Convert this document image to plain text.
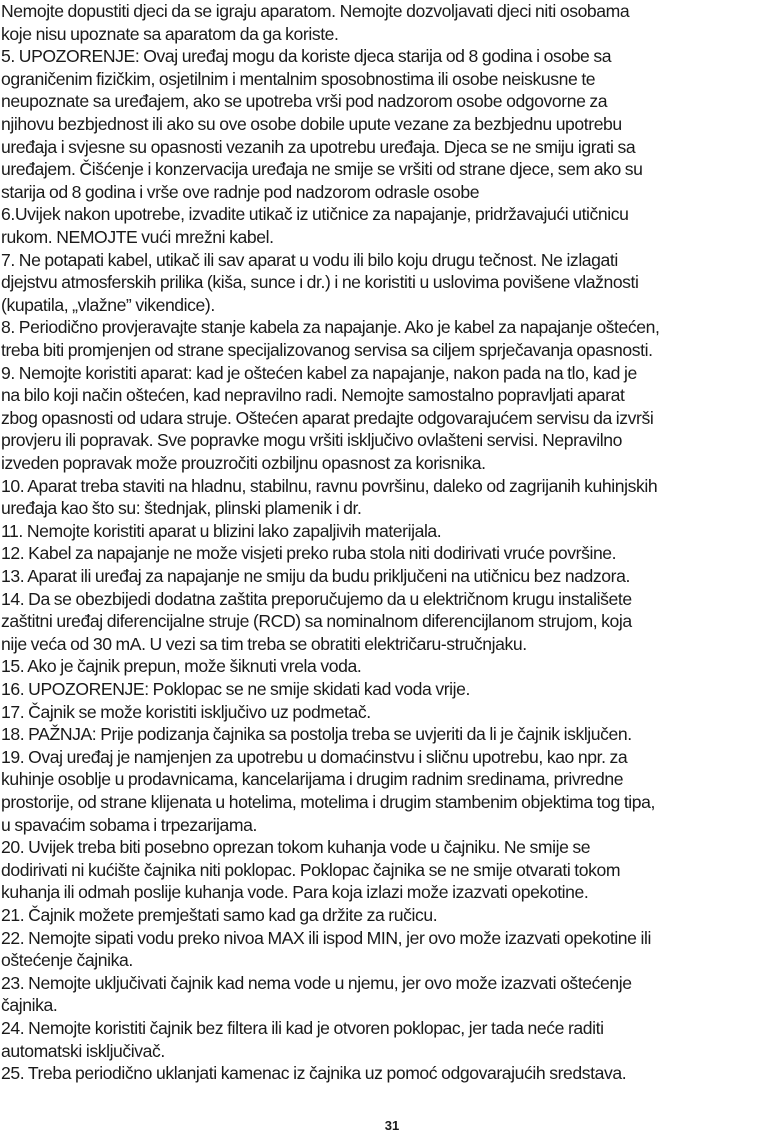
Nemojte dopustiti djeci da se igraju aparatom. Nemojte dozvoljavati djeci niti osobama
koje nisu upoznate sa aparatom da ga koriste.
5. UPOZORENJE: Ovaj uređaj mogu da koriste djeca starija od 8 godina i osobe sa
ograničenim fizičkim, osjetilnim i mentalnim sposobnostima ili osobe neiskusne te
neupoznate sa uređajem, ako se upotreba vrši pod nadzorom osobe odgovorne za
njihovu bezbjednost ili ako su ove osobe dobile upute vezane za bezbjednu upotrebu
uređaja i svjesne su opasnosti vezanih za upotrebu uređaja. Djeca se ne smiju igrati sa
uređajem. Čišćenje i konzervacija uređaja ne smije se vršiti od strane djece, sem ako su
starija od 8 godina i vrše ove radnje pod nadzorom odrasle osobe
6.Uvijek nakon upotrebe, izvadite utikač iz utičnice za napajanje, pridržavajući utičnicu
rukom. NEMOJTE vući mrežni kabel.
7. Ne potapati kabel, utikač ili sav aparat u vodu ili bilo koju drugu tečnost. Ne izlagati
djejstvu atmosferskih prilika (kiša, sunce i dr.) i ne koristiti u uslovima povišene vlažnosti
(kupatila, „vlažne” vikendice).
8. Periodično provjeravajte stanje kabela za napajanje. Ako je kabel za napajanje oštećen,
treba biti promjenjen od strane specijalizovanog servisa sa ciljem sprječavanja opasnosti.
9. Nemojte koristiti aparat: kad je oštećen kabel za napajanje, nakon pada na tlo, kad je
na bilo koji način oštećen, kad nepravilno radi. Nemojte samostalno popravljati aparat
zbog opasnosti od udara struje. Oštećen aparat predajte odgovarajućem servisu da izvrši
provjeru ili popravak. Sve popravke mogu vršiti isključivo ovlašteni servisi. Nepravilno
izveden popravak može prouzročiti ozbiljnu opasnost za korisnika.
10. Aparat treba staviti na hladnu, stabilnu, ravnu površinu, daleko od zagrijanih kuhinjskih
uređaja kao što su: štednjak, plinski plamenik i dr.
11. Nemojte koristiti aparat u blizini lako zapaljivih materijala.
12. Kabel za napajanje ne može visjeti preko ruba stola niti dodirivati vruće površine.
13. Aparat ili uređaj za napajanje ne smiju da budu priključeni na utičnicu bez nadzora.
14. Da se obezbijedi dodatna zaštita preporučujemo da u električnom krugu instališete
zaštitni uređaj diferencijalne struje (RCD) sa nominalnom diferencijlanom strujom, koja
nije veća od 30 mA. U vezi sa tim treba se obratiti električaru-stručnjaku.
15. Ako je čajnik prepun, može šiknuti vrela voda.
16. UPOZORENJE: Poklopac se ne smije skidati kad voda vrije.
17. Čajnik se može koristiti isključivo uz podmetač.
18. PAŽNJA: Prije podizanja čajnika sa postolja treba se uvjeriti da li je čajnik isključen.
19. Ovaj uređaj je namjenjen za upotrebu u domaćinstvu i sličnu upotrebu, kao npr. za
kuhinje osoblje u prodavnicama, kancelarijama i drugim radnim sredinama, privredne
prostorije, od strane klijenata u hotelima, motelima i drugim stambenim objektima tog tipa,
u spavaćim sobama i trpezarijama.
20. Uvijek treba biti posebno oprezan tokom kuhanja vode u čajniku. Ne smije se
dodirivati ni kućište čajnika niti poklopac. Poklopac čajnika se ne smije otvarati tokom
kuhanja ili odmah poslije kuhanja vode. Para koja izlazi može izazvati opekotine.
21. Čajnik možete premještati samo kad ga držite za ručicu.
22. Nemojte sipati vodu preko nivoa MAX ili ispod MIN, jer ovo može izazvati opekotine ili
oštećenje čajnika.
23. Nemojte uključivati čajnik kad nema vode u njemu, jer ovo može izazvati oštećenje
čajnika.
24. Nemojte koristiti čajnik bez filtera ili kad je otvoren poklopac, jer tada neće raditi
automatski isključivač.
25. Treba periodično uklanjati kamenac iz čajnika uz pomoć odgovarajućih sredstava.
31
